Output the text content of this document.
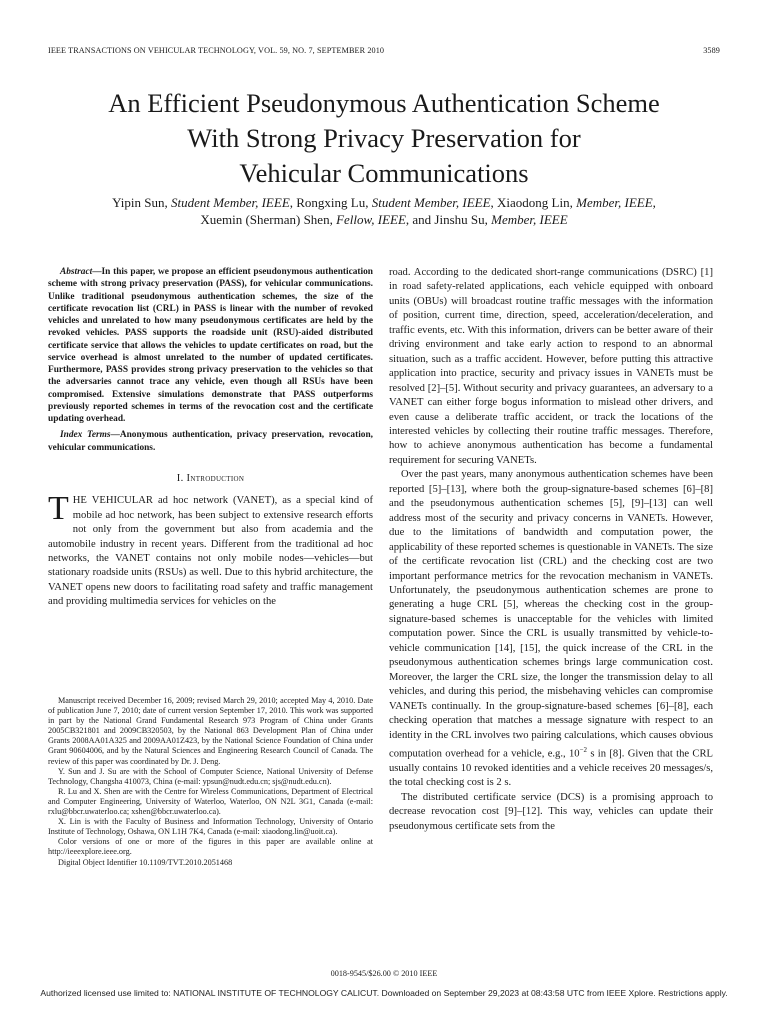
IEEE TRANSACTIONS ON VEHICULAR TECHNOLOGY, VOL. 59, NO. 7, SEPTEMBER 2010	3589
An Efficient Pseudonymous Authentication Scheme
With Strong Privacy Preservation for
Vehicular Communications
Yipin Sun, Student Member, IEEE, Rongxing Lu, Student Member, IEEE, Xiaodong Lin, Member, IEEE,
Xuemin (Sherman) Shen, Fellow, IEEE, and Jinshu Su, Member, IEEE

Abstract—In this paper, we propose an efficient pseudonymous authentication scheme with strong privacy preservation (PASS), for vehicular communications. Unlike traditional pseudonymous authentication schemes, the size of the certificate revocation list (CRL) in PASS is linear with the number of revoked vehicles and unrelated to how many pseudonymous certificates are held by the revoked vehicles. PASS supports the roadside unit (RSU)-aided distributed certificate service that allows the vehicles to update certificates on road, but the service overhead is almost unrelated to the number of updated certificates. Furthermore, PASS provides strong privacy preservation to the vehicles so that the adversaries cannot trace any vehicle, even though all RSUs have been compromised. Extensive simulations demonstrate that PASS outperforms previously reported schemes in terms of the revocation cost and the certificate updating overhead.

Index Terms—Anonymous authentication, privacy preservation, revocation, vehicular communications.

I. Introduction

THE VEHICULAR ad hoc network (VANET), as a special kind of mobile ad hoc network, has been subject to extensive research efforts not only from the government but also from academia and the automobile industry in recent years. Different from the traditional ad hoc networks, the VANET contains not only mobile nodes—vehicles—but stationary roadside units (RSUs) as well. Due to this hybrid architecture, the VANET opens new doors to facilitating road safety and traffic management and providing multimedia services for vehicles on the

Manuscript received December 16, 2009; revised March 29, 2010; accepted May 4, 2010. Date of publication June 7, 2010; date of current version September 17, 2010. This work was supported in part by the National Grand Fundamental Research 973 Program of China under Grants 2005CB321801 and 2009CB320503, by the National 863 Development Plan of China under Grants 2008AA01A325 and 2009AA01Z423, by the National Science Foundation of China under Grant 90604006, and by the Natural Sciences and Engineering Research Council of Canada. The review of this paper was coordinated by Dr. J. Deng.

Y. Sun and J. Su are with the School of Computer Science, National University of Defense Technology, Changsha 410073, China (e-mail: ypsun@nudt.edu.cn; sjs@nudt.edu.cn).

R. Lu and X. Shen are with the Centre for Wireless Communications, Department of Electrical and Computer Engineering, University of Waterloo, Waterloo, ON N2L 3G1, Canada (e-mail: rxlu@bbcr.uwaterloo.ca; xshen@bbcr.uwaterloo.ca).

X. Lin is with the Faculty of Business and Information Technology, University of Ontario Institute of Technology, Oshawa, ON L1H 7K4, Canada (e-mail: xiaodong.lin@uoit.ca).

Color versions of one or more of the figures in this paper are available online at http://ieeexplore.ieee.org.

Digital Object Identifier 10.1109/TVT.2010.2051468

road. According to the dedicated short-range communications (DSRC) [1] in road safety-related applications, each vehicle equipped with onboard units (OBUs) will broadcast routine traffic messages with the information of position, current time, direction, speed, acceleration/deceleration, and traffic events, etc. With this information, drivers can be better aware of their driving environment and take early action to respond to an abnormal situation, such as a traffic accident. However, before putting this attractive application into practice, security and privacy issues in VANETs must be resolved [2]–[5]. Without security and privacy guarantees, an adversary to a VANET can either forge bogus information to mislead other drivers, and even cause a deliberate traffic accident, or track the locations of the interested vehicles by collecting their routine traffic messages. Therefore, how to achieve anonymous authentication has become a fundamental requirement for securing VANETs.

Over the past years, many anonymous authentication schemes have been reported [5]–[13], where both the group-signature-based schemes [6]–[8] and the pseudonymous authentication schemes [5], [9]–[13] can well address most of the security and privacy concerns in VANETs. However, due to the limitations of bandwidth and computation power, the applicability of these reported schemes is questionable in VANETs. The size of the certificate revocation list (CRL) and the checking cost are two important performance metrics for the revocation mechanism in VANETs. Unfortunately, the pseudonymous authentication schemes are prone to generating a huge CRL [5], whereas the checking cost in the group-signature-based schemes is unacceptable for the vehicles with limited computation power. Since the CRL is usually transmitted by vehicle-to-vehicle communication [14], [15], the quick increase of the CRL in the pseudonymous authentication schemes brings large communication cost. Moreover, the larger the CRL size, the longer the transmission delay to all vehicles, and during this period, the misbehaving vehicles can compromise VANETs continually. In the group-signature-based schemes [6]–[8], each checking operation that matches a message signature with respect to an identity in the CRL involves two pairing calculations, which causes obvious computation overhead for a vehicle, e.g., $10^{-2}$ s in [8]. Given that the CRL usually contains 10 revoked identities and a vehicle receives 20 messages/s, the total checking cost is 2 s.

The distributed certificate service (DCS) is a promising approach to decrease revocation cost [9]–[12]. This way, vehicles can update their pseudonymous certificate sets from the

0018-9545/$26.00 © 2010 IEEE
Authorized licensed use limited to: NATIONAL INSTITUTE OF TECHNOLOGY CALICUT. Downloaded on September 29,2023 at 08:43:58 UTC from IEEE Xplore. Restrictions apply.
